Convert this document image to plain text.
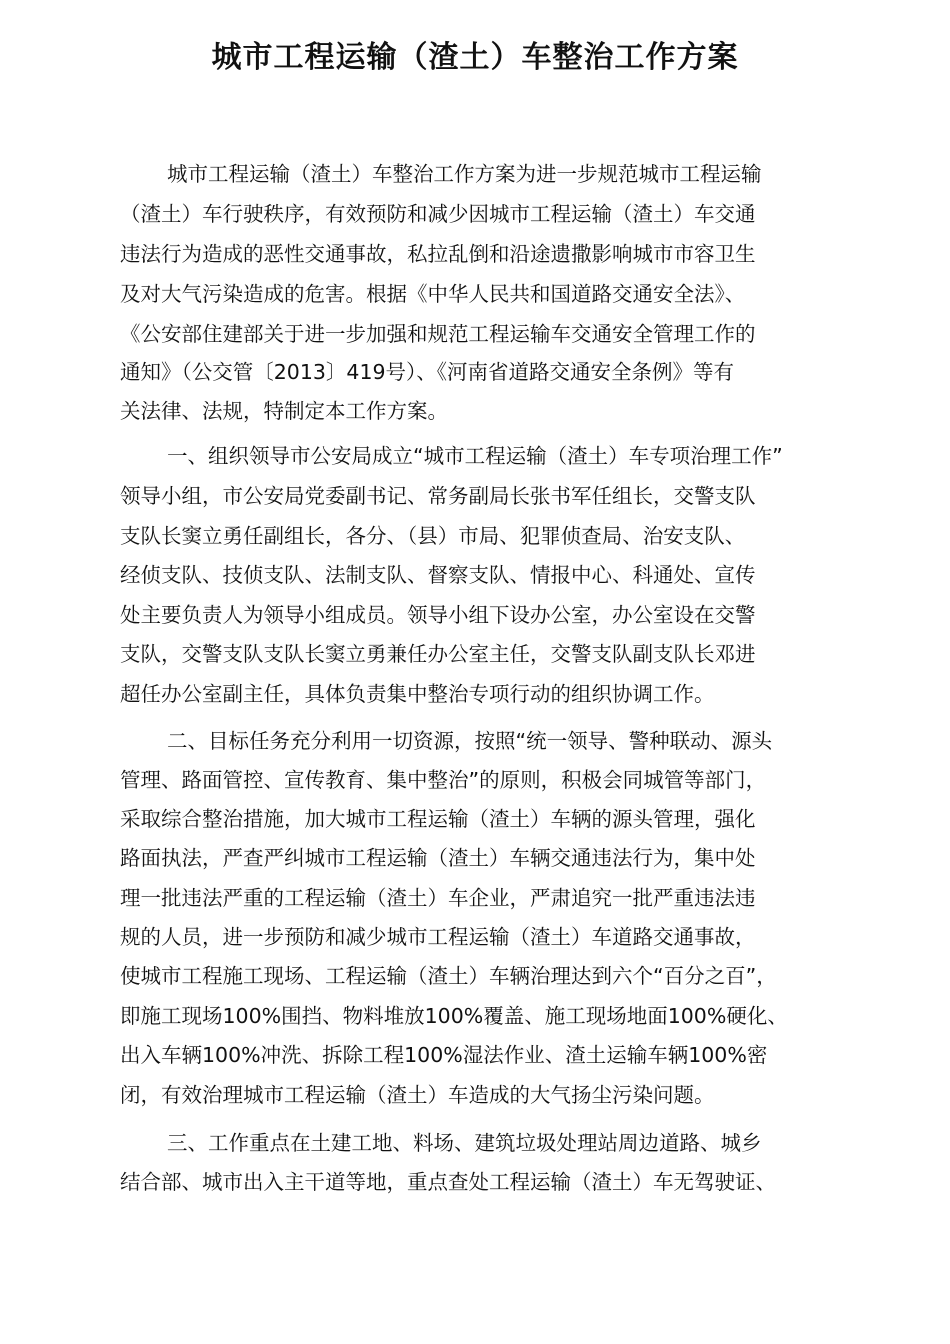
城市工程运输（渣土）车整治工作方案
城市工程运输（渣土）车整治工作方案为进一步规范城市工程运输
（渣土）车行驶秩序，有效预防和减少因城市工程运输（渣土）车交通
违法行为造成的恶性交通事故，私拉乱倒和沿途遗撒影响城市市容卫生
及对大气污染造成的危害。根据《中华人民共和国道路交通安全法》、
《公安部住建部关于进一步加强和规范工程运输车交通安全管理工作的
通知》（公交管〔2013〕419号）、《河南省道路交通安全条例》等有
关法律、法规，特制定本工作方案。
一、组织领导市公安局成立“城市工程运输（渣土）车专项治理工作”
领导小组，市公安局党委副书记、常务副局长张书军任组长，交警支队
支队长窦立勇任副组长，各分、（县）市局、犯罪侦查局、治安支队、
经侦支队、技侦支队、法制支队、督察支队、情报中心、科通处、宣传
处主要负责人为领导小组成员。领导小组下设办公室，办公室设在交警
支队，交警支队支队长窦立勇兼任办公室主任，交警支队副支队长邓进
超任办公室副主任，具体负责集中整治专项行动的组织协调工作。
二、目标任务充分利用一切资源，按照“统一领导、警种联动、源头
管理、路面管控、宣传教育、集中整治”的原则，积极会同城管等部门，
采取综合整治措施，加大城市工程运输（渣土）车辆的源头管理，强化
路面执法，严查严纠城市工程运输（渣土）车辆交通违法行为，集中处
理一批违法严重的工程运输（渣土）车企业，严肃追究一批严重违法违
规的人员，进一步预防和减少城市工程运输（渣土）车道路交通事故，
使城市工程施工现场、工程运输（渣土）车辆治理达到六个“百分之百”，
即施工现场100%围挡、物料堆放100%覆盖、施工现场地面100%硬化、
出入车辆100%冲洗、拆除工程100%湿法作业、渣土运输车辆100%密
闭，有效治理城市工程运输（渣土）车造成的大气扬尘污染问题。
三、工作重点在土建工地、料场、建筑垃圾处理站周边道路、城乡
结合部、城市出入主干道等地，重点查处工程运输（渣土）车无驾驶证、
